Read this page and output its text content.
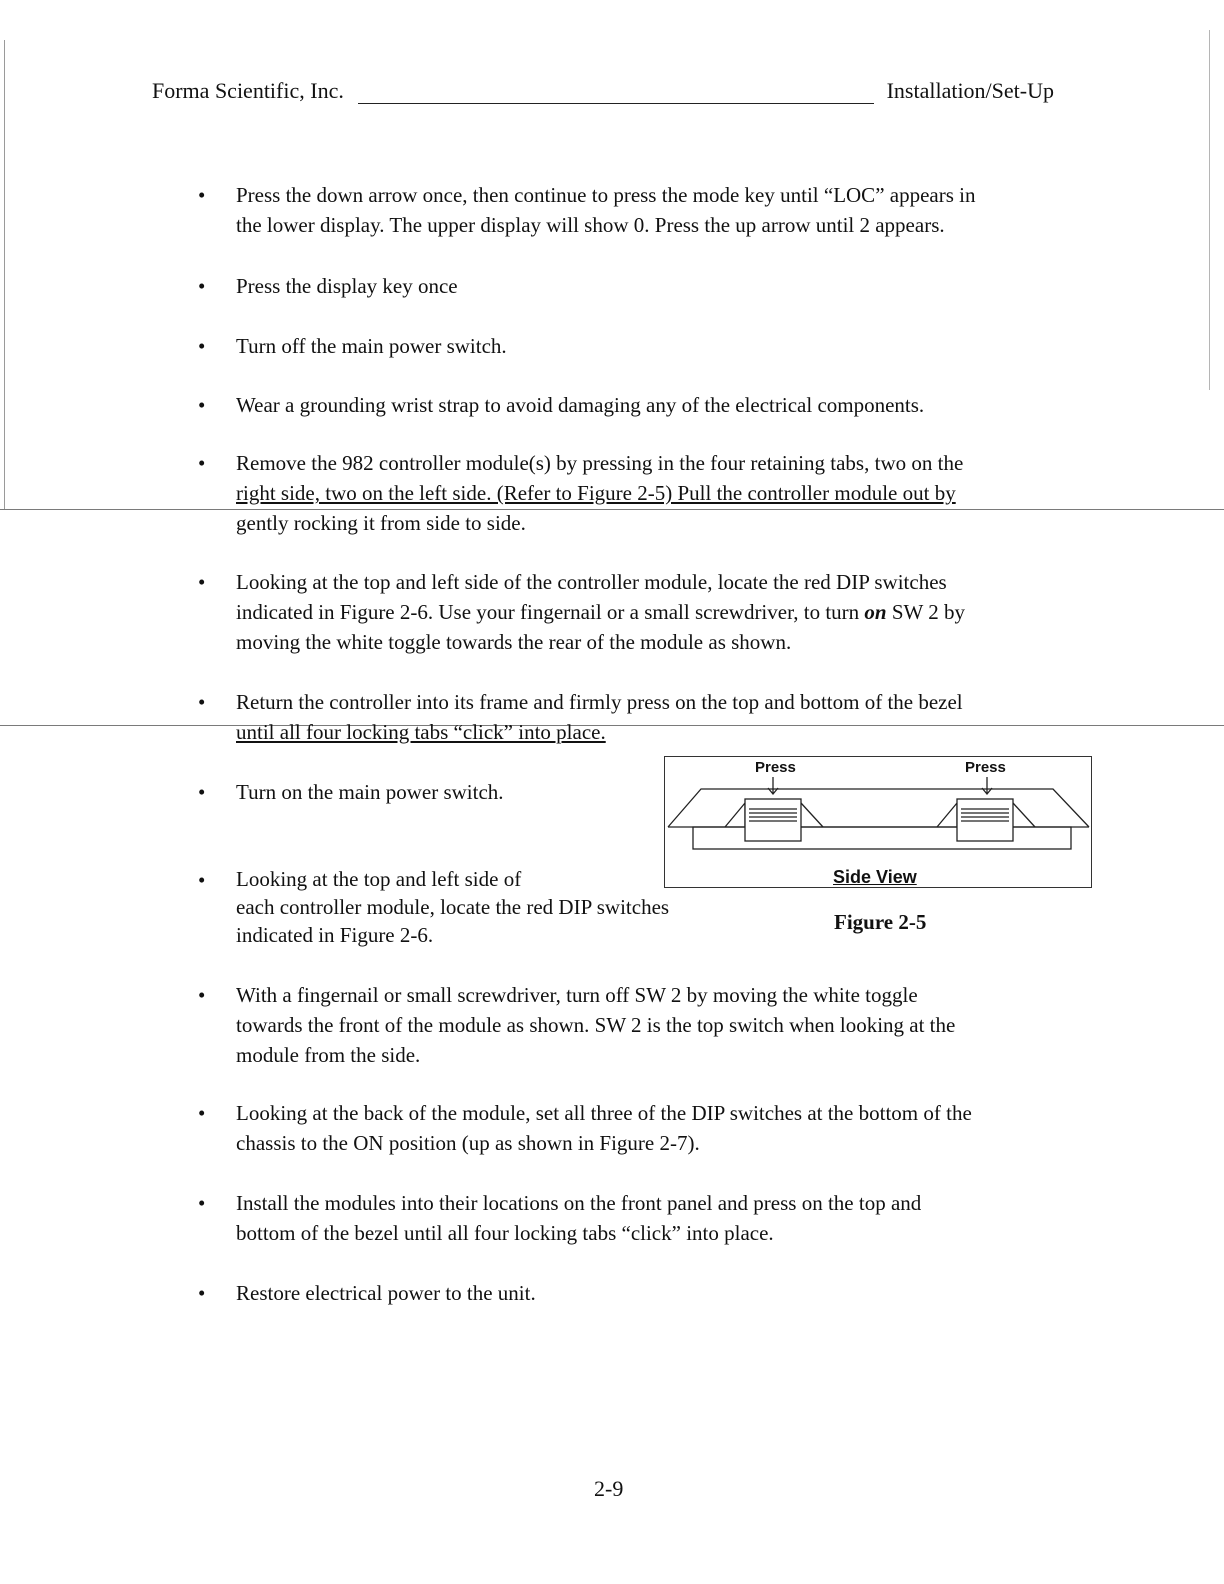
Forma Scientific, Inc.	Installation/Set-Up
•	Press the down arrow once, then continue to press the mode key until “LOC” appears in
the lower display. The upper display will show 0. Press the up arrow until 2 appears.
•	Press the display key once
•	Turn off the main power switch.
•	Wear a grounding wrist strap to avoid damaging any of the electrical components.
•	Remove the 982 controller module(s) by pressing in the four retaining tabs, two on the
right side, two on the left side. (Refer to Figure 2-5) Pull the controller module out by
gently rocking it from side to side.
•	Looking at the top and left side of the controller module, locate the red DIP switches
indicated in Figure 2-6. Use your fingernail or a small screwdriver, to turn on SW 2 by
moving the white toggle towards the rear of the module as shown.
•	Return the controller into its frame and firmly press on the top and bottom of the bezel
until all four locking tabs “click” into place.
•	Turn on the main power switch.
•	Looking at the top and left side of
each controller module, locate the red DIP switches
indicated in Figure 2-6.
•	With a fingernail or small screwdriver, turn off SW 2 by moving the white toggle
towards the front of the module as shown. SW 2 is the top switch when looking at the
module from the side.
•	Looking at the back of the module, set all three of the DIP switches at the bottom of the
chassis to the ON position (up as shown in Figure 2-7).
•	Install the modules into their locations on the front panel and press on the top and
bottom of the bezel until all four locking tabs “click” into place.
•	Restore electrical power to the unit.
Press	Press
Side View
Figure 2-5
2-9
